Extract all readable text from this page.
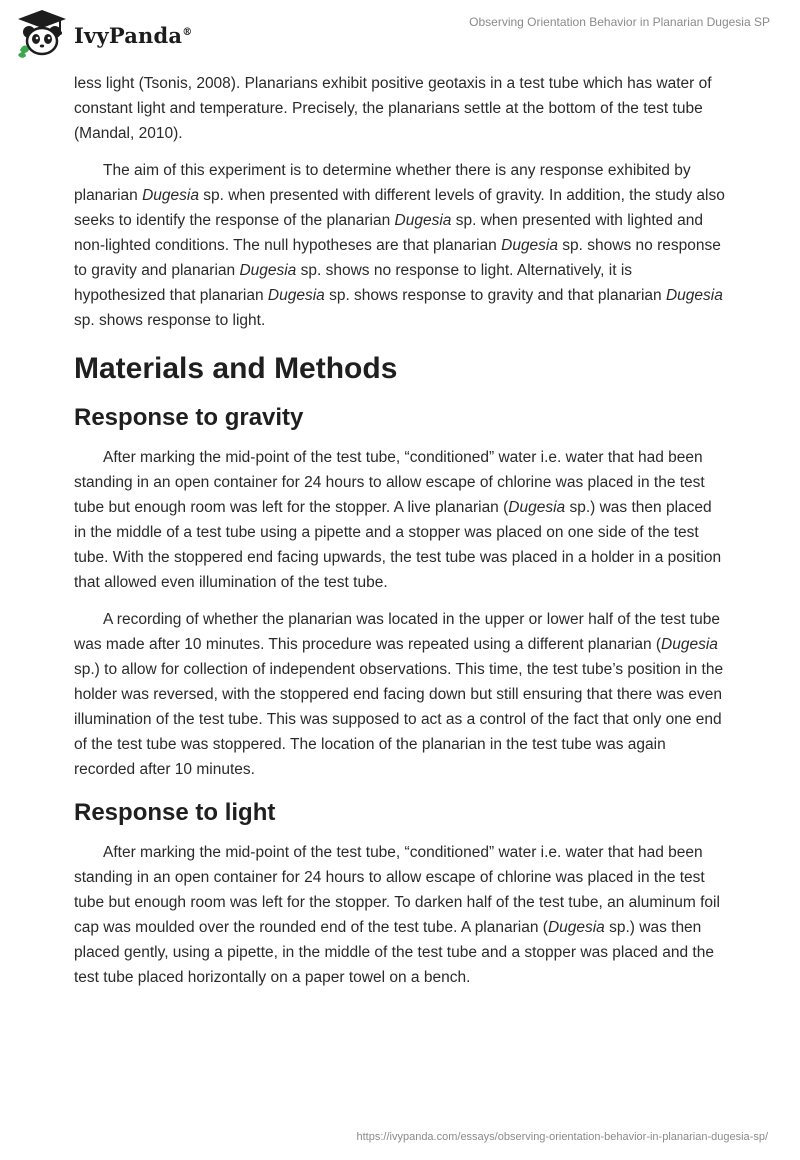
IvyPanda®
Observing Orientation Behavior in Planarian Dugesia SP

less light (Tsonis, 2008). Planarians exhibit positive geotaxis in a test tube which has water of constant light and temperature. Precisely, the planarians settle at the bottom of the test tube (Mandal, 2010).

The aim of this experiment is to determine whether there is any response exhibited by planarian Dugesia sp. when presented with different levels of gravity. In addition, the study also seeks to identify the response of the planarian Dugesia sp. when presented with lighted and non-lighted conditions. The null hypotheses are that planarian Dugesia sp. shows no response to gravity and planarian Dugesia sp. shows no response to light. Alternatively, it is hypothesized that planarian Dugesia sp. shows response to gravity and that planarian Dugesia sp. shows response to light.

Materials and Methods
Response to gravity

After marking the mid-point of the test tube, “conditioned” water i.e. water that had been standing in an open container for 24 hours to allow escape of chlorine was placed in the test tube but enough room was left for the stopper. A live planarian (Dugesia sp.) was then placed in the middle of a test tube using a pipette and a stopper was placed on one side of the test tube. With the stoppered end facing upwards, the test tube was placed in a holder in a position that allowed even illumination of the test tube.

A recording of whether the planarian was located in the upper or lower half of the test tube was made after 10 minutes. This procedure was repeated using a different planarian (Dugesia sp.) to allow for collection of independent observations. This time, the test tube’s position in the holder was reversed, with the stoppered end facing down but still ensuring that there was even illumination of the test tube. This was supposed to act as a control of the fact that only one end of the test tube was stoppered. The location of the planarian in the test tube was again recorded after 10 minutes.

Response to light

After marking the mid-point of the test tube, “conditioned” water i.e. water that had been standing in an open container for 24 hours to allow escape of chlorine was placed in the test tube but enough room was left for the stopper. To darken half of the test tube, an aluminum foil cap was moulded over the rounded end of the test tube. A planarian (Dugesia sp.) was then placed gently, using a pipette, in the middle of the test tube and a stopper was placed and the test tube placed horizontally on a paper towel on a bench.

https://ivypanda.com/essays/observing-orientation-behavior-in-planarian-dugesia-sp/
